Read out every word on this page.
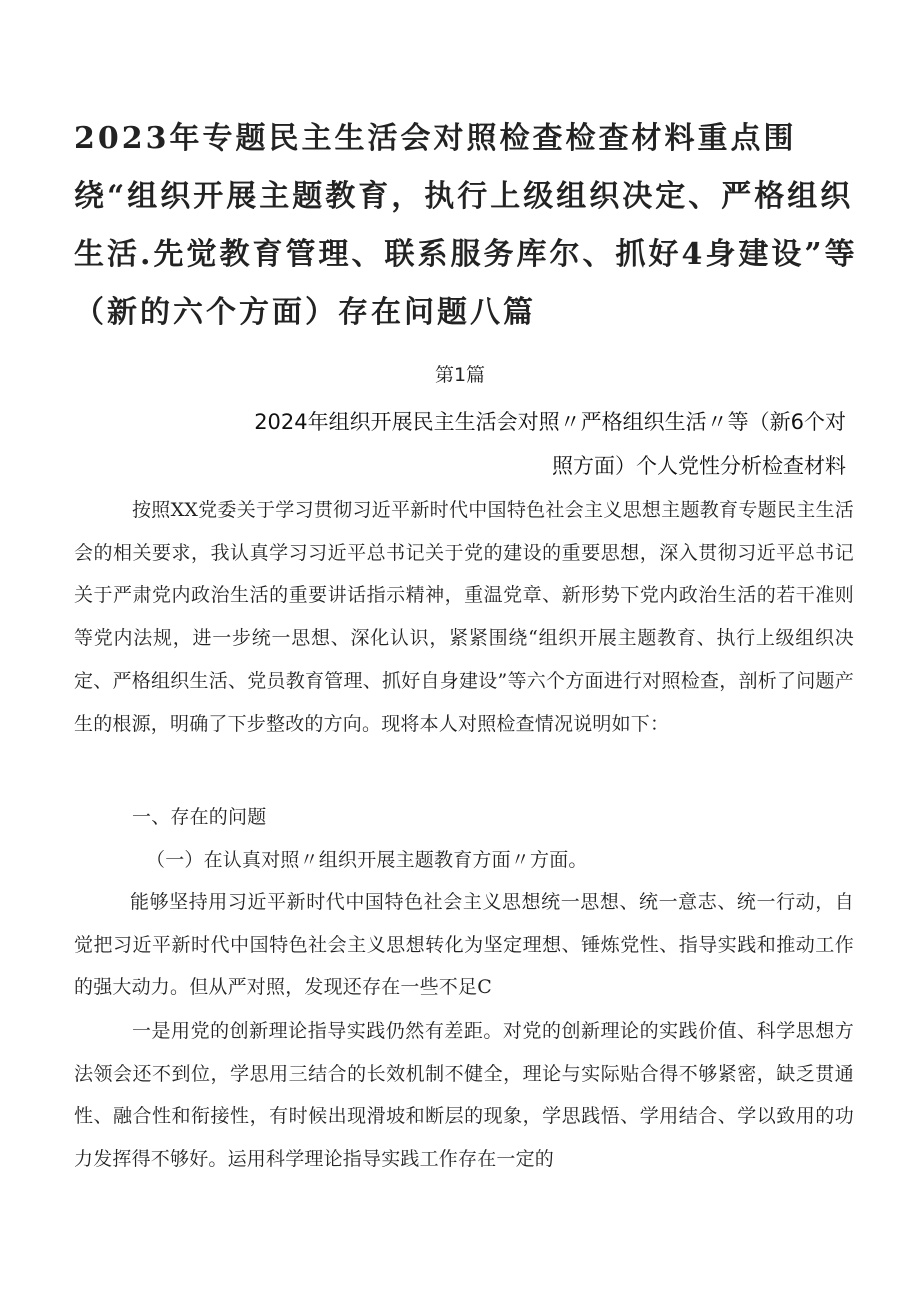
2023年专题民主生活会对照检查检查材料重点围绕“组织开展主题教育，执行上级组织决定、严格组织生活.先觉教育管理、联系服务库尔、抓好4身建设”等（新的六个方面）存在问题八篇
第1篇
2024年组织开展民主生活会对照〃严格组织生活〃等（新6个对
照方面）个人党性分析检查材料

按照XX党委关于学习贯彻习近平新时代中国特色社会主义思想主题教育专题民主生活会的相关要求，我认真学习习近平总书记关于党的建设的重要思想，深入贯彻习近平总书记关于严肃党内政治生活的重要讲话指示精神，重温党章、新形势下党内政治生活的若干准则等党内法规，进一步统一思想、深化认识，紧紧围绕“组织开展主题教育、执行上级组织决定、严格组织生活、党员教育管理、抓好自身建设”等六个方面进行对照检查，剖析了问题产生的根源，明确了下步整改的方向。现将本人对照检查情况说明如下：

一、存在的问题

（一）在认真对照〃组织开展主题教育方面〃方面。

能够坚持用习近平新时代中国特色社会主义思想统一思想、统一意志、统一行动，自觉把习近平新时代中国特色社会主义思想转化为坚定理想、锤炼党性、指导实践和推动工作的强大动力。但从严对照，发现还存在一些不足C

一是用党的创新理论指导实践仍然有差距。对党的创新理论的实践价值、科学思想方法领会还不到位，学思用三结合的长效机制不健全，理论与实际贴合得不够紧密，缺乏贯通性、融合性和衔接性，有时候出现滑坡和断层的现象，学思践悟、学用结合、学以致用的功力发挥得不够好。运用科学理论指导实践工作存在一定的
